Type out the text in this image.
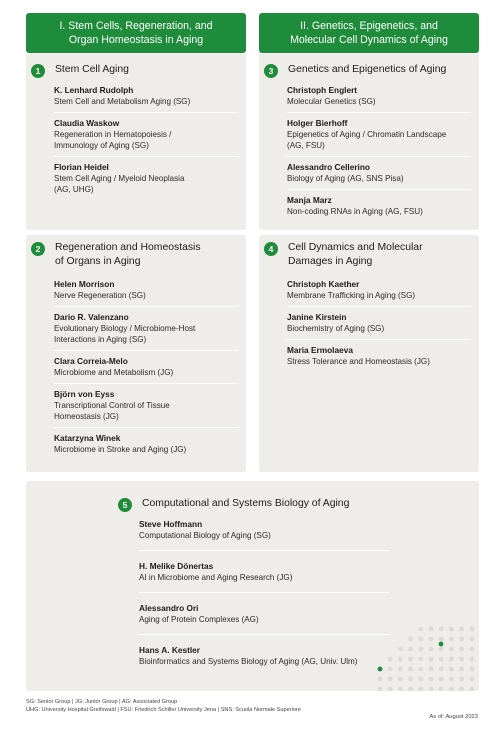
I. Stem Cells, Regeneration, and
Organ Homeostasis in Aging
II. Genetics, Epigenetics, and
Molecular Cell Dynamics of Aging
1	Stem Cell Aging
K. Lenhard Rudolph
Stem Cell and Metabolism Aging (SG)
Claudia Waskow
Regeneration in Hematopoiesis /
Immunology of Aging (SG)
Florian Heidel
Stem Cell Aging / Myeloid Neoplasia
(AG, UHG)
3	Genetics and Epigenetics of Aging
Christoph Englert
Molecular Genetics (SG)
Holger Bierhoff
Epigenetics of Aging / Chromatin Landscape
(AG, FSU)
Alessandro Cellerino
Biology of Aging (AG, SNS Pisa)
Manja Marz
Non-coding RNAs in Aging (AG, FSU)
2	Regeneration and Homeostasis
of Organs in Aging
Helen Morrison
Nerve Regeneration (SG)
Dario R. Valenzano
Evolutionary Biology / Microbiome-Host
Interactions in Aging (SG)
Clara Correia-Melo
Microbiome and Metabolism (JG)
Björn von Eyss
Transcriptional Control of Tissue
Homeostasis (JG)
Katarzyna Winek
Microbiome in Stroke and Aging (JG)
4	Cell Dynamics and Molecular
Damages in Aging
Christoph Kaether
Membrane Trafficking in Aging (SG)
Janine Kirstein
Biochemistry of Aging (SG)
Maria Ermolaeva
Stress Tolerance and Homeostasis (JG)
5	Computational and Systems Biology of Aging
Steve Hoffmann
Computational Biology of Aging (SG)
H. Melike Dönertas
AI in Microbiome and Aging Research (JG)
Alessandro Ori
Aging of Protein Complexes (AG)
Hans A. Kestler
Bioinformatics and Systems Biology of Aging (AG, Univ. Ulm)
SG: Senior Group | JG: Junior Group | AG: Associated Group
UHG: University Hospital Greifswald | FSU: Friedrich Schiller University Jena | SNS: Scuola Normale Superiore
As of: August 2023
